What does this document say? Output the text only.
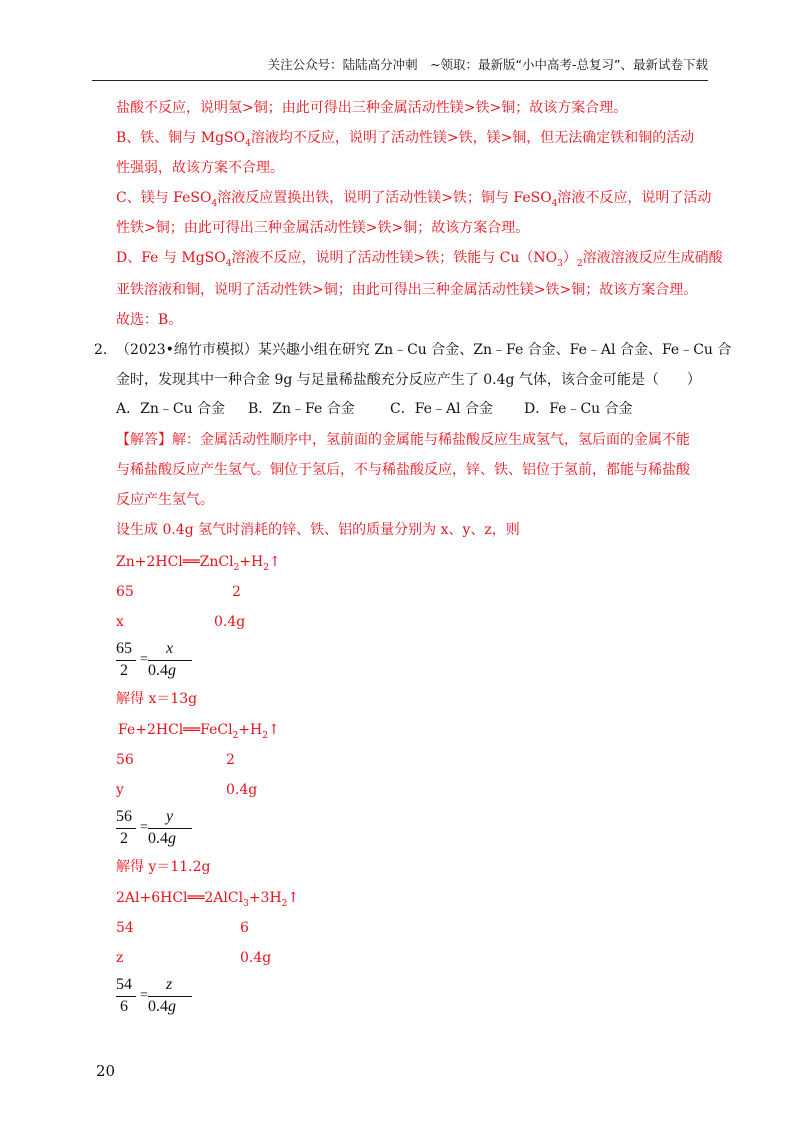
关注公众号：陆陆高分冲刺　~领取：最新版“小中高考-总复习”、最新试卷下载
盐酸不反应，说明氢>铜；由此可得出三种金属活动性镁>铁>铜；故该方案合理。
B、铁、铜与 MgSO$_4$溶液均不反应，说明了活动性镁>铁，镁>铜，但无法确定铁和铜的活动
性强弱，故该方案不合理。
C、镁与 FeSO$_4$溶液反应置换出铁，说明了活动性镁>铁；铜与 FeSO$_4$溶液不反应，说明了活动
性铁>铜；由此可得出三种金属活动性镁>铁>铜；故该方案合理。
D、Fe 与 MgSO$_4$溶液不反应，说明了活动性镁>铁；铁能与 $Cu(NO_3)_2$溶液溶液反应生成硝酸
亚铁溶液和铜，说明了活动性铁>铜；由此可得出三种金属活动性镁>铁>铜；故该方案合理。
故选：B。
2． （2023•绵竹市模拟）某兴趣小组在研究 Zn﹣Cu 合金、Zn﹣Fe 合金、Fe﹣Al 合金、Fe﹣Cu 合
金时，发现其中一种合金 9g 与足量稀盐酸充分反应产生了 0.4g 气体，该合金可能是（　　）
A．Zn﹣Cu 合金 B．Zn﹣Fe 合金	C．Fe﹣Al 合金 D．Fe﹣Cu 合金
【解答】解：金属活动性顺序中，氢前面的金属能与稀盐酸反应生成氢气，氢后面的金属不能
与稀盐酸反应产生氢气。铜位于氢后，不与稀盐酸反应，锌、铁、铝位于氢前，都能与稀盐酸
反应产生氢气。
设生成 0.4g 氢气时消耗的锌、铁、铝的质量分别为 x、y、z，则
$Zn+2HCl══ZnCl_2+H_2↑$
65	2
x	0.4g
65
2
=
x
0.4g
解得 x＝13g
$Fe+2HCl══FeCl_2+H_2↑$
56	2
y	0.4g
56
2
=
y
0.4g
解得 y＝11.2g
$2Al+6HCl══2AlCl_3+3H_2↑$
54	6
z	0.4g
54
6
=
z
0.4g
20
